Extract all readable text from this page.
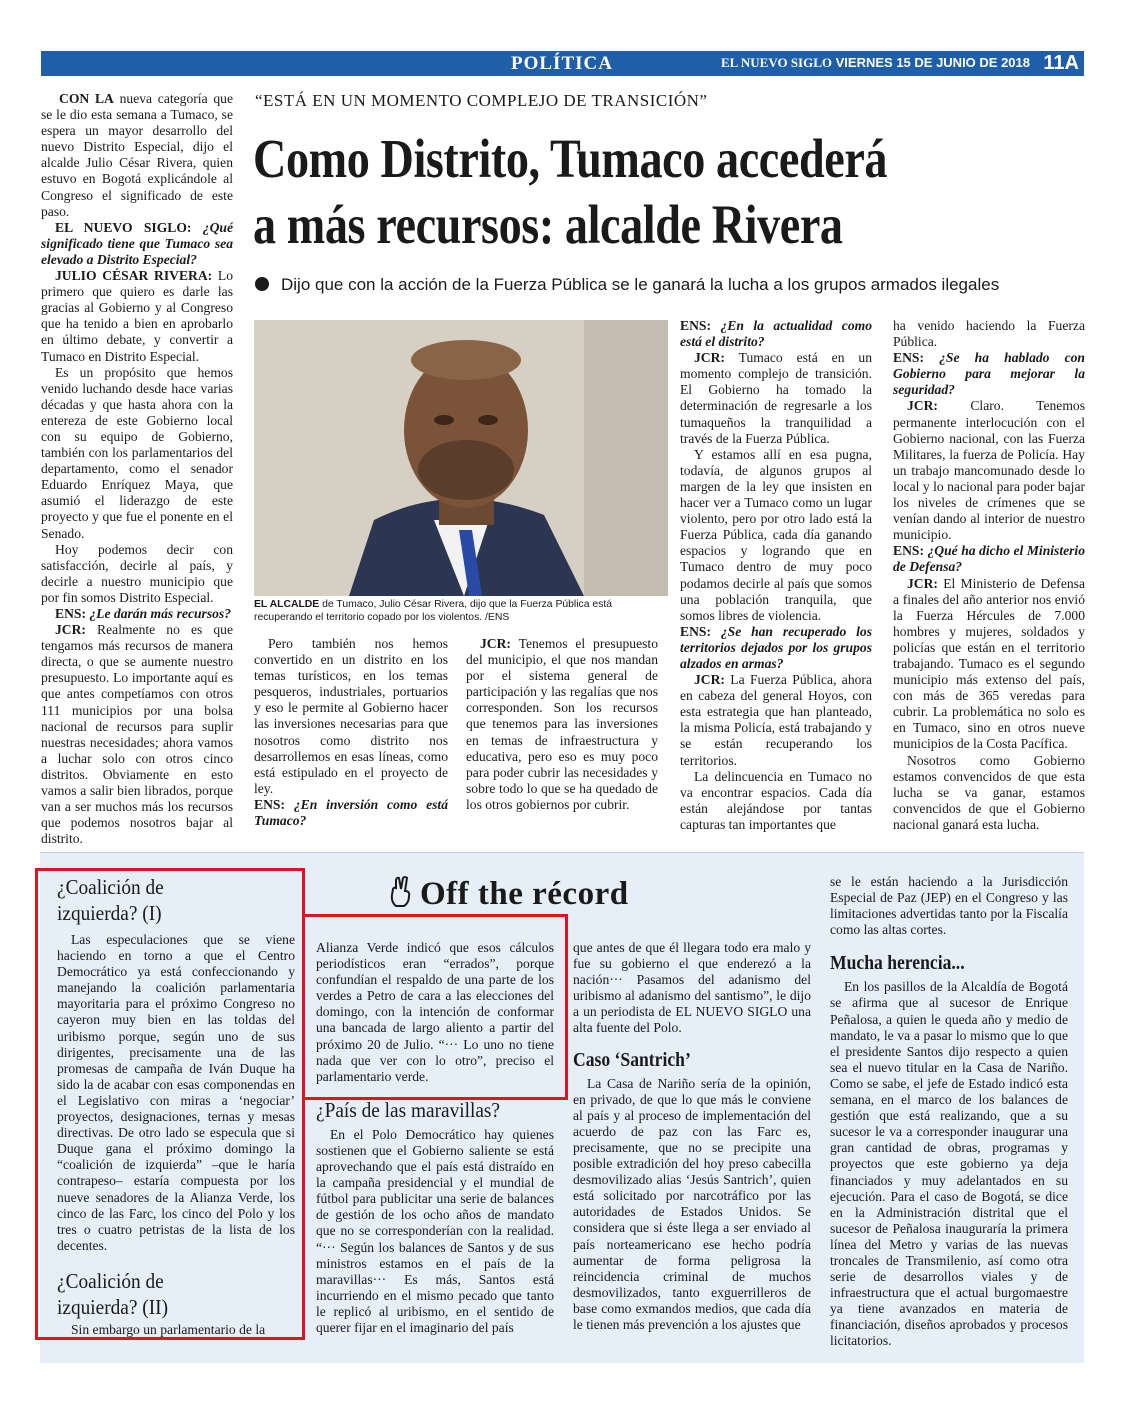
POLÍTICA	EL NUEVO SIGLO VIERNES 15 DE JUNIO DE 2018 11A
“ESTÁ EN UN MOMENTO COMPLEJO DE TRANSICIÓN”
Como Distrito, Tumaco accederá
a más recursos: alcalde Rivera
Dijo que con la acción de la Fuerza Pública se le ganará la lucha a los grupos armados ilegales

CON LA nueva categoría que se le dio esta semana a Tumaco, se espera un mayor desarrollo del nuevo Distrito Especial, dijo el alcalde Julio César Rivera, quien estuvo en Bogotá explicándole al Congreso el significado de este paso.

EL NUEVO SIGLO: ¿Qué significado tiene que Tumaco sea elevado a Distrito Especial?

JULIO CÉSAR RIVERA: Lo primero que quiero es darle las gracias al Gobierno y al Congreso que ha tenido a bien en aprobarlo en último debate, y convertir a Tumaco en Distrito Especial.

Es un propósito que hemos venido luchando desde hace varias décadas y que hasta ahora con la entereza de este Gobierno local con su equipo de Gobierno, también con los parlamentarios del departamento, como el senador Eduardo Enríquez Maya, que asumió el liderazgo de este proyecto y que fue el ponente en el Senado.

Hoy podemos decir con satisfacción, decirle al país, y decirle a nuestro municipio que por fin somos Distrito Especial.

ENS: ¿Le darán más recursos?

JCR: Realmente no es que tengamos más recursos de manera directa, o que se aumente nuestro presupuesto. Lo importante aquí es que antes competíamos con otros 111 municipios por una bolsa nacional de recursos para suplir nuestras necesidades; ahora vamos a luchar solo con otros cinco distritos. Obviamente en esto vamos a salir bien librados, porque van a ser muchos más los recursos que podemos nosotros bajar al distrito.

EL ALCALDE de Tumaco, Julio César Rivera, dijo que la Fuerza Pública está recuperando el territorio copado por los violentos. /ENS

Pero también nos hemos convertido en un distrito en los temas turísticos, en los temas pesqueros, industriales, portuarios y eso le permite al Gobierno hacer las inversiones necesarias para que nosotros como distrito nos desarrollemos en esas líneas, como está estipulado en el proyecto de ley.

ENS: ¿En inversión como está Tumaco?

JCR: Tenemos el presupuesto del municipio, el que nos mandan por el sistema general de participación y las regalías que nos corresponden. Son los recursos que tenemos para las inversiones en temas de infraestructura y educativa, pero eso es muy poco para poder cubrir las necesidades y sobre todo lo que se ha quedado de los otros gobiernos por cubrir.

ENS: ¿En la actualidad como está el distrito?

JCR: Tumaco está en un momento complejo de transición. El Gobierno ha tomado la determinación de regresarle a los tumaqueños la tranquilidad a través de la Fuerza Pública.

Y estamos allí en esa pugna, todavía, de algunos grupos al margen de la ley que insisten en hacer ver a Tumaco como un lugar violento, pero por otro lado está la Fuerza Pública, cada día ganando espacios y logrando que en Tumaco dentro de muy poco podamos decirle al país que somos una población tranquila, que somos libres de violencia.

ENS: ¿Se han recuperado los territorios dejados por los grupos alzados en armas?

JCR: La Fuerza Pública, ahora en cabeza del general Hoyos, con esta estrategia que han planteado, la misma Policía, está trabajando y se están recuperando los territorios.

La delincuencia en Tumaco no va encontrar espacios. Cada día están alejándose por tantas capturas tan importantes que

ha venido haciendo la Fuerza Pública.

ENS: ¿Se ha hablado con Gobierno para mejorar la seguridad?

JCR: Claro. Tenemos permanente interlocución con el Gobierno nacional, con las Fuerza Militares, la fuerza de Policía. Hay un trabajo mancomunado desde lo local y lo nacional para poder bajar los niveles de crímenes que se venían dando al interior de nuestro municipio.

ENS: ¿Qué ha dicho el Ministerio de Defensa?

JCR: El Ministerio de Defensa a finales del año anterior nos envió la Fuerza Hércules de 7.000 hombres y mujeres, soldados y policías que están en el territorio trabajando. Tumaco es el segundo municipio más extenso del país, con más de 365 veredas para cubrir. La problemática no solo es en Tumaco, sino en otros nueve municipios de la Costa Pacífica.

Nosotros como Gobierno estamos convencidos de que esta lucha se va ganar, estamos convencidos de que el Gobierno nacional ganará esta lucha.

Off the récord
¿Coalición de
izquierda? (I)

Las especulaciones que se viene haciendo en torno a que el Centro Democrático ya está confeccionando y manejando la coalición parlamentaria mayoritaria para el próximo Congreso no cayeron muy bien en las toldas del uribismo porque, según uno de sus dirigentes, precisamente una de las promesas de campaña de Iván Duque ha sido la de acabar con esas componendas en el Legislativo con miras a ‘negociar’ proyectos, designaciones, ternas y mesas directivas. De otro lado se especula que si Duque gana el próximo domingo la “coalición de izquierda” –que le haría contrapeso– estaría compuesta por los nueve senadores de la Alianza Verde, los cinco de las Farc, los cinco del Polo y los tres o cuatro petristas de la lista de los decentes.

¿Coalición de
izquierda? (II)

Sin embargo un parlamentario de la

Alianza Verde indicó que esos cálculos periodísticos eran “errados”, porque confundían el respaldo de una parte de los verdes a Petro de cara a las elecciones del domingo, con la intención de conformar una bancada de largo aliento a partir del próximo 20 de Julio. “··· Lo uno no tiene nada que ver con lo otro”, preciso el parlamentario verde.

¿País de las maravillas?

En el Polo Democrático hay quienes sostienen que el Gobierno saliente se está aprovechando que el país está distraído en la campaña presidencial y el mundial de fútbol para publicitar una serie de balances de gestión de los ocho años de mandato que no se corresponderían con la realidad. “··· Según los balances de Santos y de sus ministros estamos en el país de la maravillas··· Es más, Santos está incurriendo en el mismo pecado que tanto le replicó al uribismo, en el sentido de querer fijar en el imaginario del país

que antes de que él llegara todo era malo y fue su gobierno el que enderezó a la nación··· Pasamos del adanismo del uribismo al adanismo del santismo”, le dijo a un periodista de EL NUEVO SIGLO una alta fuente del Polo.

Caso ‘Santrich’

La Casa de Nariño sería de la opinión, en privado, de que lo que más le conviene al país y al proceso de implementación del acuerdo de paz con las Farc es, precisamente, que no se precipite una posible extradición del hoy preso cabecilla desmovilizado alias ‘Jesús Santrich’, quien está solicitado por narcotráfico por las autoridades de Estados Unidos. Se considera que si éste llega a ser enviado al país norteamericano ese hecho podría aumentar de forma peligrosa la reincidencia criminal de muchos desmovilizados, tanto exguerrilleros de base como exmandos medios, que cada día le tienen más prevención a los ajustes que

se le están haciendo a la Jurisdicción Especial de Paz (JEP) en el Congreso y las limitaciones advertidas tanto por la Fiscalía como las altas cortes.

Mucha herencia...

En los pasillos de la Alcaldía de Bogotá se afirma que al sucesor de Enrique Peñalosa, a quien le queda año y medio de mandato, le va a pasar lo mismo que lo que el presidente Santos dijo respecto a quien sea el nuevo titular en la Casa de Nariño. Como se sabe, el jefe de Estado indicó esta semana, en el marco de los balances de gestión que está realizando, que a su sucesor le va a corresponder inaugurar una gran cantidad de obras, programas y proyectos que este gobierno ya deja financiados y muy adelantados en su ejecución. Para el caso de Bogotá, se dice en la Administración distrital que el sucesor de Peñalosa inauguraría la primera línea del Metro y varias de las nuevas troncales de Transmilenio, así como otra serie de desarrollos viales y de infraestructura que el actual burgomaestre ya tiene avanzados en materia de financiación, diseños aprobados y procesos licitatorios.
